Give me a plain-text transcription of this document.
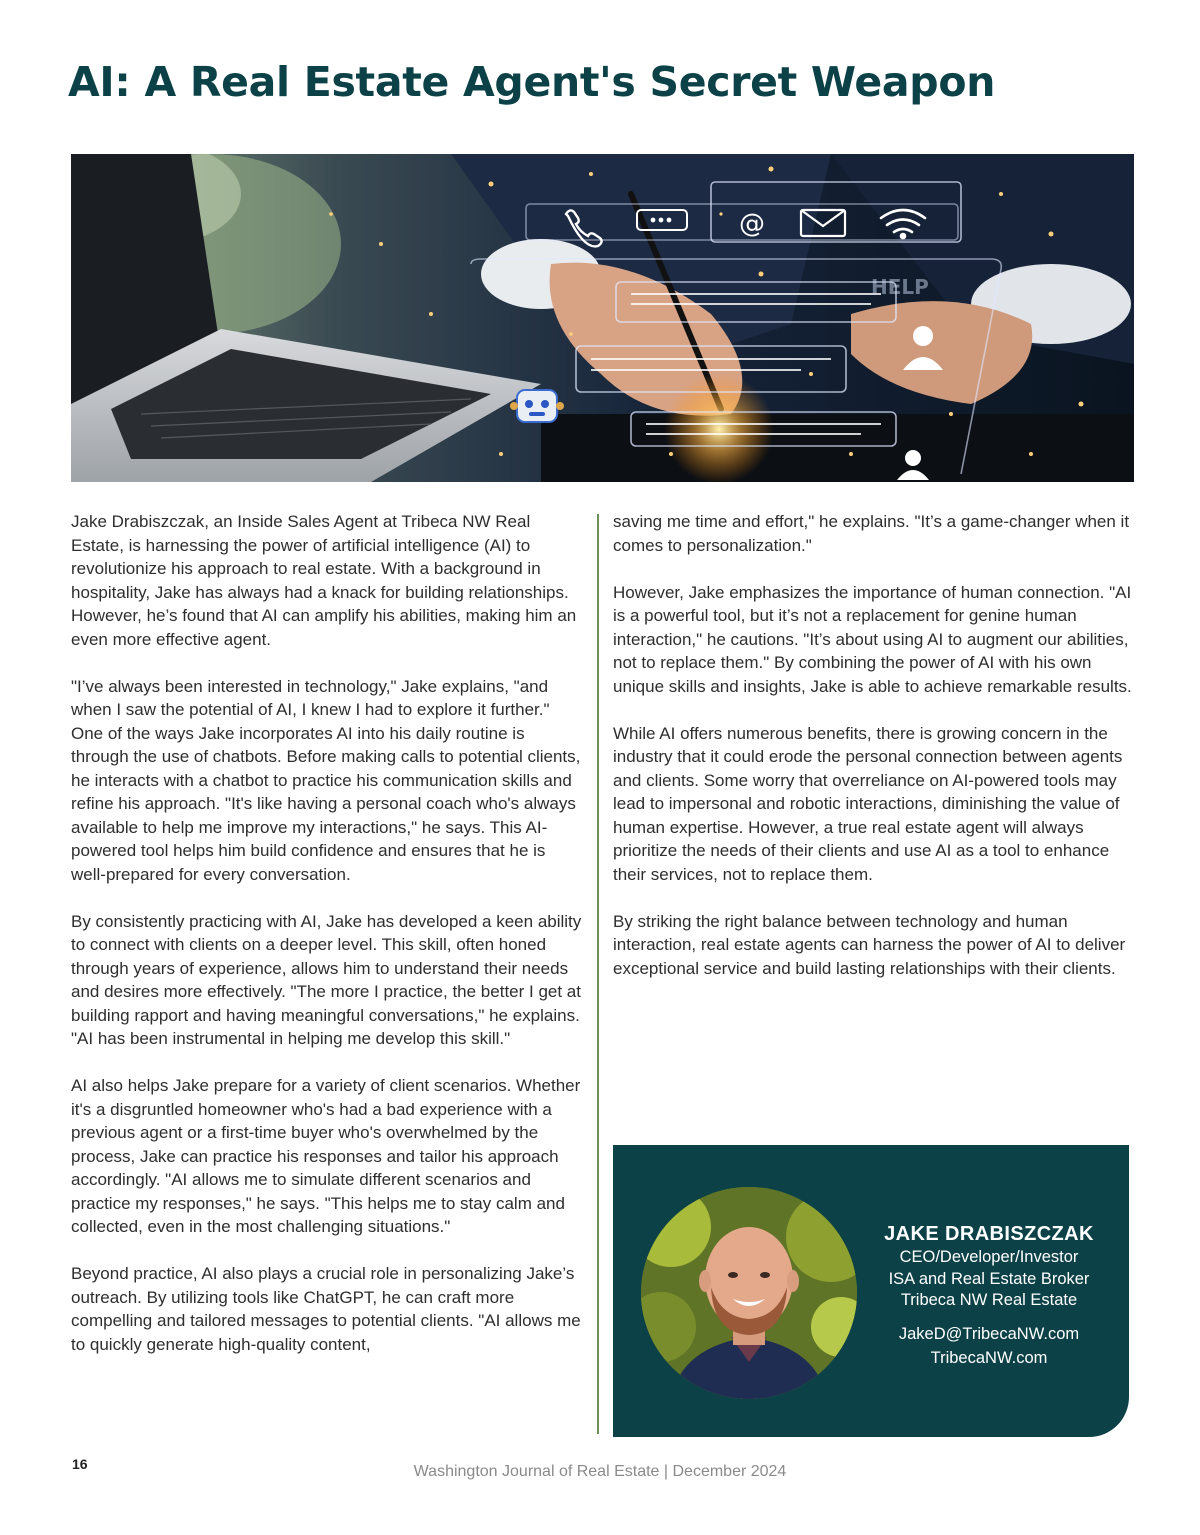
AI: A Real Estate Agent's Secret Weapon
@
HELP

Jake Drabiszczak, an Inside Sales Agent at Tribeca NW Real Estate, is harnessing the power of artificial intelligence (AI) to revolutionize his approach to real estate. With a background in hospitality, Jake has always had a knack for building relationships. However, he’s found that AI can amplify his abilities, making him an even more effective agent.

"I’ve always been interested in technology," Jake explains, "and when I saw the potential of AI, I knew I had to explore it further." One of the ways Jake incorporates AI into his daily routine is through the use of chatbots. Before making calls to potential clients, he interacts with a chatbot to practice his communication skills and refine his approach. "It's like having a personal coach who's always available to help me improve my interactions," he says. This AI-powered tool helps him build confidence and ensures that he is well-prepared for every conversation.

By consistently practicing with AI, Jake has developed a keen ability to connect with clients on a deeper level. This skill, often honed through years of experience, allows him to understand their needs and desires more effectively. "The more I practice, the better I get at building rapport and having meaningful conversations," he explains. "AI has been instrumental in helping me develop this skill."

AI also helps Jake prepare for a variety of client scenarios. Whether it's a disgruntled homeowner who's had a bad experience with a previous agent or a first-time buyer who's overwhelmed by the process, Jake can practice his responses and tailor his approach accordingly. "AI allows me to simulate different scenarios and practice my responses," he says. "This helps me to stay calm and collected, even in the most challenging situations."

Beyond practice, AI also plays a crucial role in personalizing Jake’s outreach. By utilizing tools like ChatGPT, he can craft more compelling and tailored messages to potential clients. "AI allows me to quickly generate high-quality content,

saving me time and effort," he explains. "It’s a game-changer when it comes to personalization."

However, Jake emphasizes the importance of human connection. "AI is a powerful tool, but it’s not a replacement for genine human interaction," he cautions. "It’s about using AI to augment our abilities, not to replace them." By combining the power of AI with his own unique skills and insights, Jake is able to achieve remarkable results.

While AI offers numerous benefits, there is growing concern in the industry that it could erode the personal connection between agents and clients. Some worry that overreliance on AI-powered tools may lead to impersonal and robotic interactions, diminishing the value of human expertise. However, a true real estate agent will always prioritize the needs of their clients and use AI as a tool to enhance their services, not to replace them.

By striking the right balance between technology and human interaction, real estate agents can harness the power of AI to deliver exceptional service and build lasting relationships with their clients.

JAKE DRABISZCZAK
CEO/Developer/Investor
ISA and Real Estate Broker
Tribeca NW Real Estate
JakeD@TribecaNW.com
TribecaNW.com
16	Washington Journal of Real Estate | December 2024
